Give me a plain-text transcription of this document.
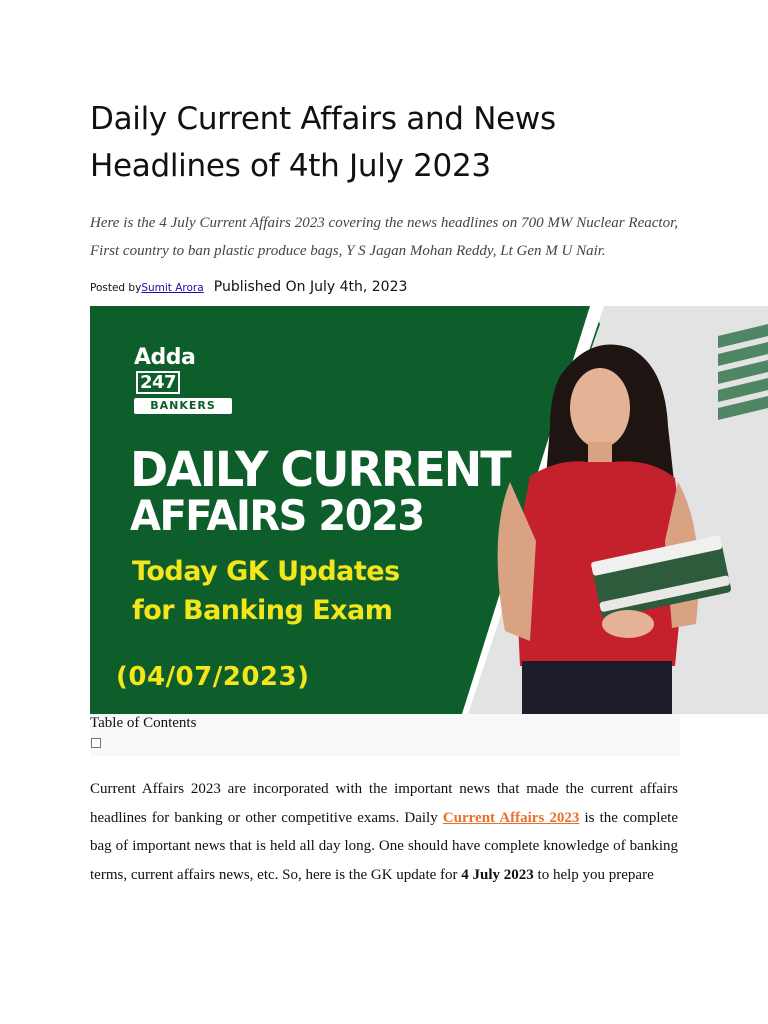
Daily Current Affairs and News
Headlines of 4th July 2023

Here is the 4 July Current Affairs 2023 covering the news headlines on 700 MW Nuclear Reactor, First country to ban plastic produce bags, Y S Jagan Mohan Reddy, Lt Gen M U Nair.

Posted bySumit Arora Published On July 4th, 2023
Adda247
BANKERS
DAILY CURRENT
AFFAIRS 2023
Today GK Updates
for Banking Exam
(04/07/2023)
Table of Contents

Current Affairs 2023 are incorporated with the important news that made the current affairs headlines for banking or other competitive exams. Daily Current Affairs 2023 is the complete bag of important news that is held all day long. One should have complete knowledge of banking terms, current affairs news, etc. So, here is the GK update for 4 July 2023 to help you prepare
